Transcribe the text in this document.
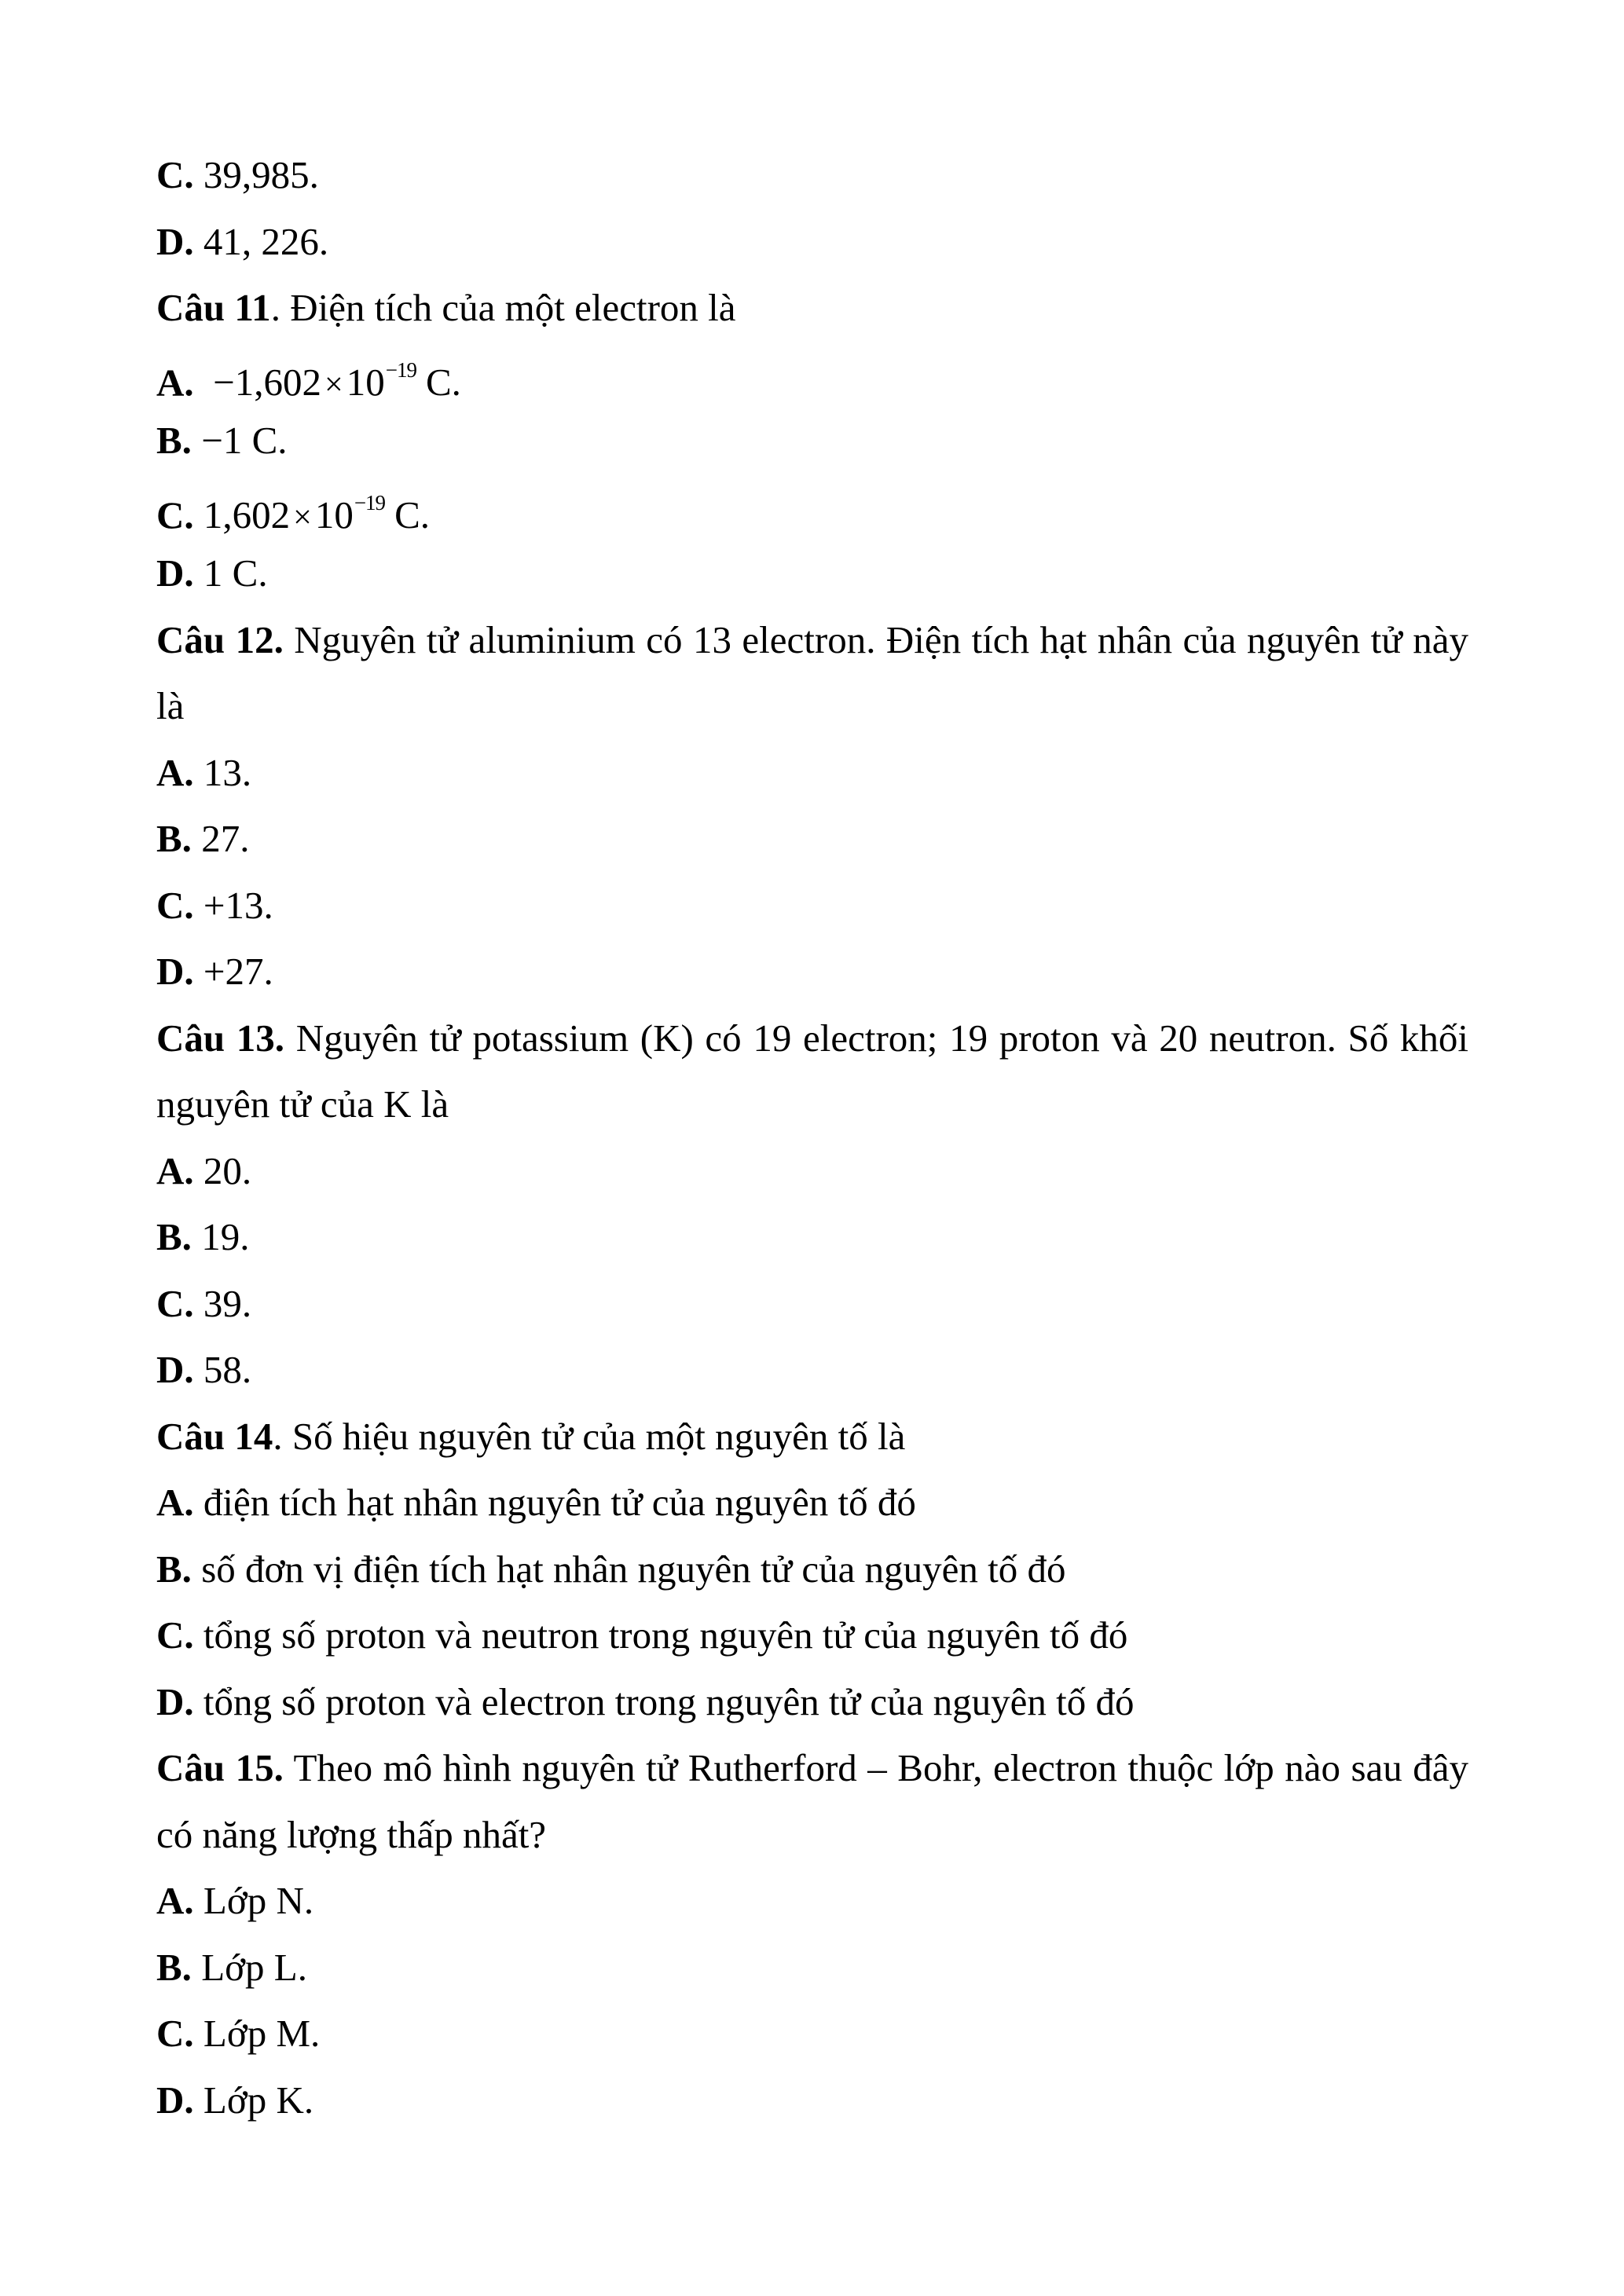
C. 39,985.
D. 41, 226.
Câu 11. Điện tích của một electron là
A. $-1,602\times 10^{-19}$ C.
B. −1 C.
C. $1,602\times 10^{-19}$ C.
D. 1 C.
Câu 12. Nguyên tử aluminium có 13 electron. Điện tích hạt nhân của nguyên tử này
là
A. 13.
B. 27.
C. +13.
D. +27.
Câu 13. Nguyên tử potassium (K) có 19 electron; 19 proton và 20 neutron. Số khối
nguyên tử của K là
A. 20.
B. 19.
C. 39.
D. 58.
Câu 14. Số hiệu nguyên tử của một nguyên tố là
A. điện tích hạt nhân nguyên tử của nguyên tố đó
B. số đơn vị điện tích hạt nhân nguyên tử của nguyên tố đó
C. tổng số proton và neutron trong nguyên tử của nguyên tố đó
D. tổng số proton và electron trong nguyên tử của nguyên tố đó
Câu 15. Theo mô hình nguyên tử Rutherford – Bohr, electron thuộc lớp nào sau đây
có năng lượng thấp nhất?
A. Lớp N.
B. Lớp L.
C. Lớp M.
D. Lớp K.
